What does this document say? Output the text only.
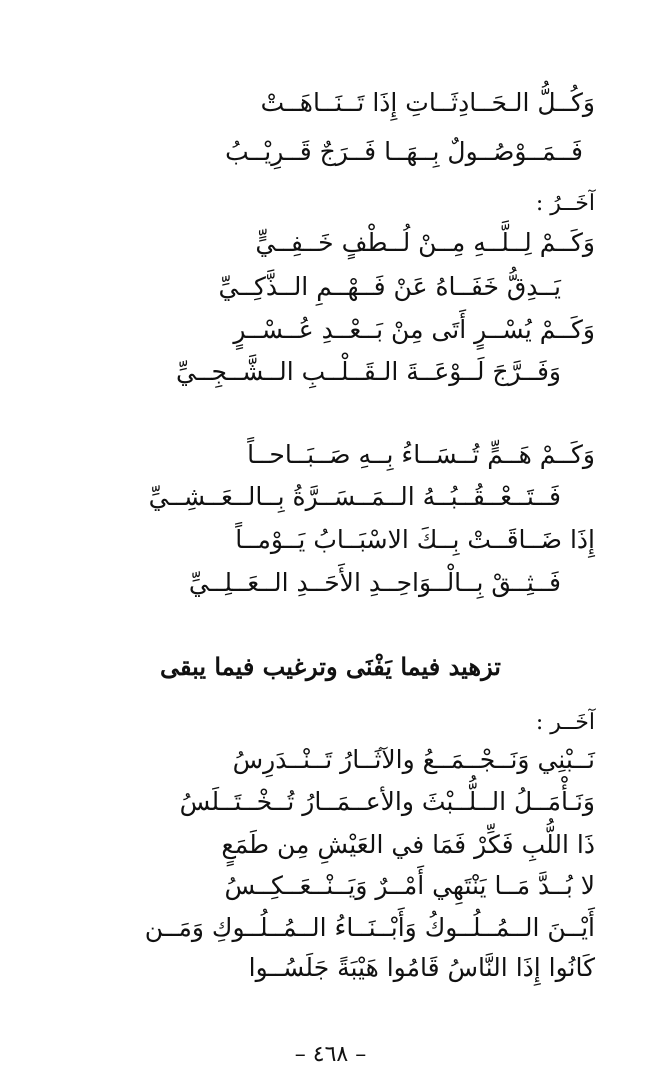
وَكُــلُّ الـحَــادِثَــاتِ إِذَا تَــنَــاهَــتْ
فَــمَــوْصُــولٌ بِــهَــا فَــرَجٌ قَــرِيْــبُ
آخَــرُ :
وَكَــمْ لِــلَّــهِ مِــنْ لُــطْفٍ خَــفِــيٍّ
يَــدِقُّ خَفَــاهُ عَنْ فَــهْــمِ الــذَّكِــيِّ
وَكَــمْ يُسْــرٍ أَتَى مِنْ بَــعْــدِ عُــسْــرٍ
وَفَــرَّجَ لَــوْعَــةَ الـقَــلْــبِ الــشَّــجِــيِّ
وَكَــمْ هَــمٍّ تُــسَــاءُ بِــهِ صَــبَــاحــاً
فَــتَــعْــقُــبُــهُ الــمَــسَــرَّةُ بِــالــعَــشِــيِّ
إِذَا ضَــاقَــتْ بِــكَ الاسْبَــابُ يَــوْمــاً
فَــثِــقْ بِــالْــوَاحِــدِ الأَحَــدِ الــعَــلِــيِّ
تزهيد فيما يَفْنَى وترغيب فيما يبقى
آخَــر :
نَــبْنِي وَنَــجْــمَــعُ والآثَــارُ تَــنْــدَرِسُ
وَنَـأْمَــلُ الــلُّــبْثَ والأعــمَــارُ تُــخْــتَــلَسُ
ذَا اللُّبِ فَكِّرْ فَمَا في العَيْشِ مِن طَمَعٍ
لا بُــدَّ مَــا يَنْتَهِي أَمْــرٌ وَيَــنْــعَــكِــسُ
أَيْــنَ الــمُــلُــوكُ وَأَبْــنَــاءُ الــمُــلُــوكِ وَمَــن
كَانُوا إِذَا النَّاسُ قَامُوا هَيْبَةً جَلَسُــوا
– ٤٦٨ –
